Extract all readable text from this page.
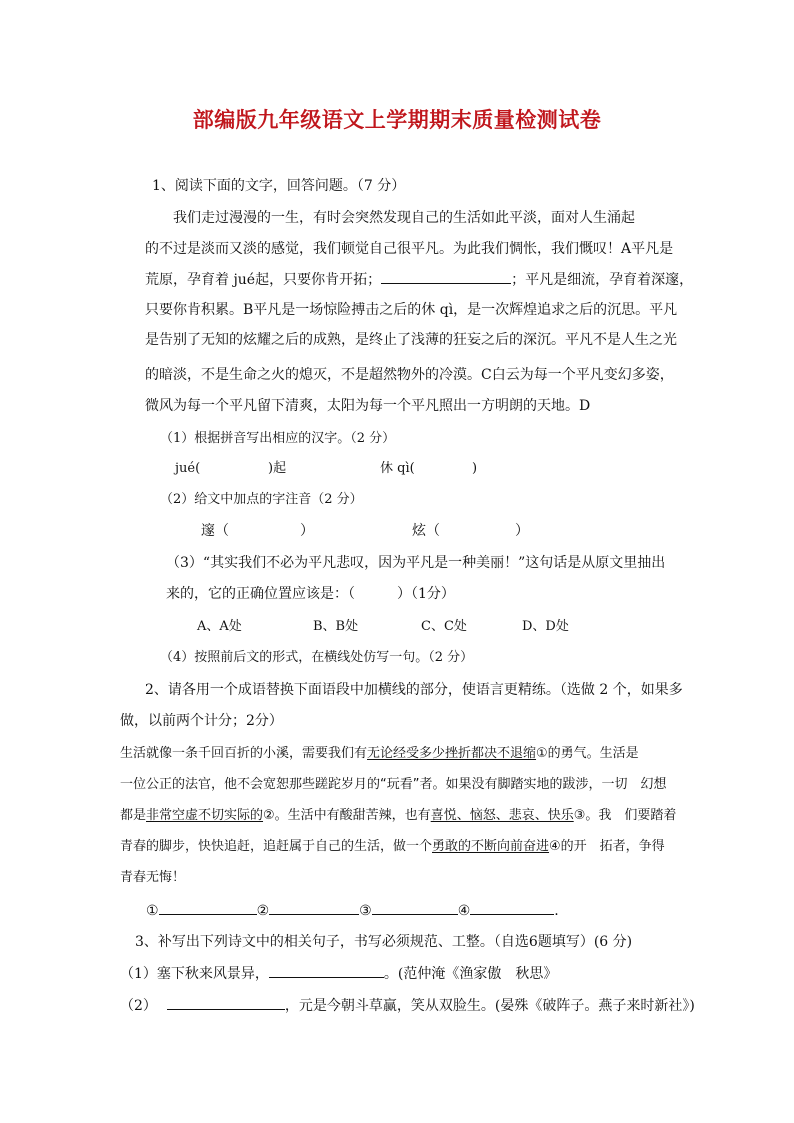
部编版九年级语文上学期期末质量检测试卷
1、阅读下面的文字，回答问题。（7 分）
我们走过漫漫的一生，有时会突然发现自己的生活如此平淡，面对人生涌起
的不过是淡而又淡的感觉，我们顿觉自己很平凡。为此我们惆怅，我们慨叹！A平凡是
荒原，孕育着 jué起，只要你肯开拓；	；平凡是细流，孕育着深邃，
只要你肯积累。B平凡是一场惊险搏击之后的休 qì，是一次辉煌追求之后的沉思。平凡
是告别了无知的炫耀之后的成熟，是终止了浅薄的狂妄之后的深沉。平凡不是人生之光
的暗淡，不是生命之火的熄灭，不是超然物外的冷漠。C白云为每一个平凡变幻多姿，
微风为每一个平凡留下清爽，太阳为每一个平凡照出一方明朗的天地。D
（1）根据拼音写出相应的汉字。（2 分）
jué(	)起	休 qì(	)
（2）给文中加点的字注音（2 分）
邃（	）	炫（	）
（3）“其实我们不必为平凡悲叹，因为平凡是一种美丽！”这句话是从原文里抽出
来的，它的正确位置应该是：（　　　）（1分）
A、A处	B、B处	C、C处	D、D处
（4）按照前后文的形式，在横线处仿写一句。（2 分）
2、请各用一个成语替换下面语段中加横线的部分，使语言更精练。（选做 2 个，如果多
做，以前两个计分；2分）
生活就像一条千回百折的小溪，需要我们有无论经受多少挫折都决不退缩①的勇气。生活是
一位公正的法官，他不会宽恕那些蹉跎岁月的“玩看”者。如果没有脚踏实地的跋涉，一切　幻想
都是非常空虚不切实际的②。生活中有酸甜苦辣，也有喜悦、恼怒、悲哀、快乐③。我　们要踏着
青春的脚步，快快追赶，追赶属于自己的生活，做一个勇敢的不断向前奋进④的开　拓者，争得
青春无悔！
①	②	③	④	.
3、补写出下列诗文中的相关句子，书写必须规范、工整。（自选6题填写）(6 分)
（1）塞下秋来风景异，	。(范仲淹《渔家傲　秋思》
（2）	，元是今朝斗草赢，笑从双脸生。(晏殊《破阵子。燕子来时新社》)
